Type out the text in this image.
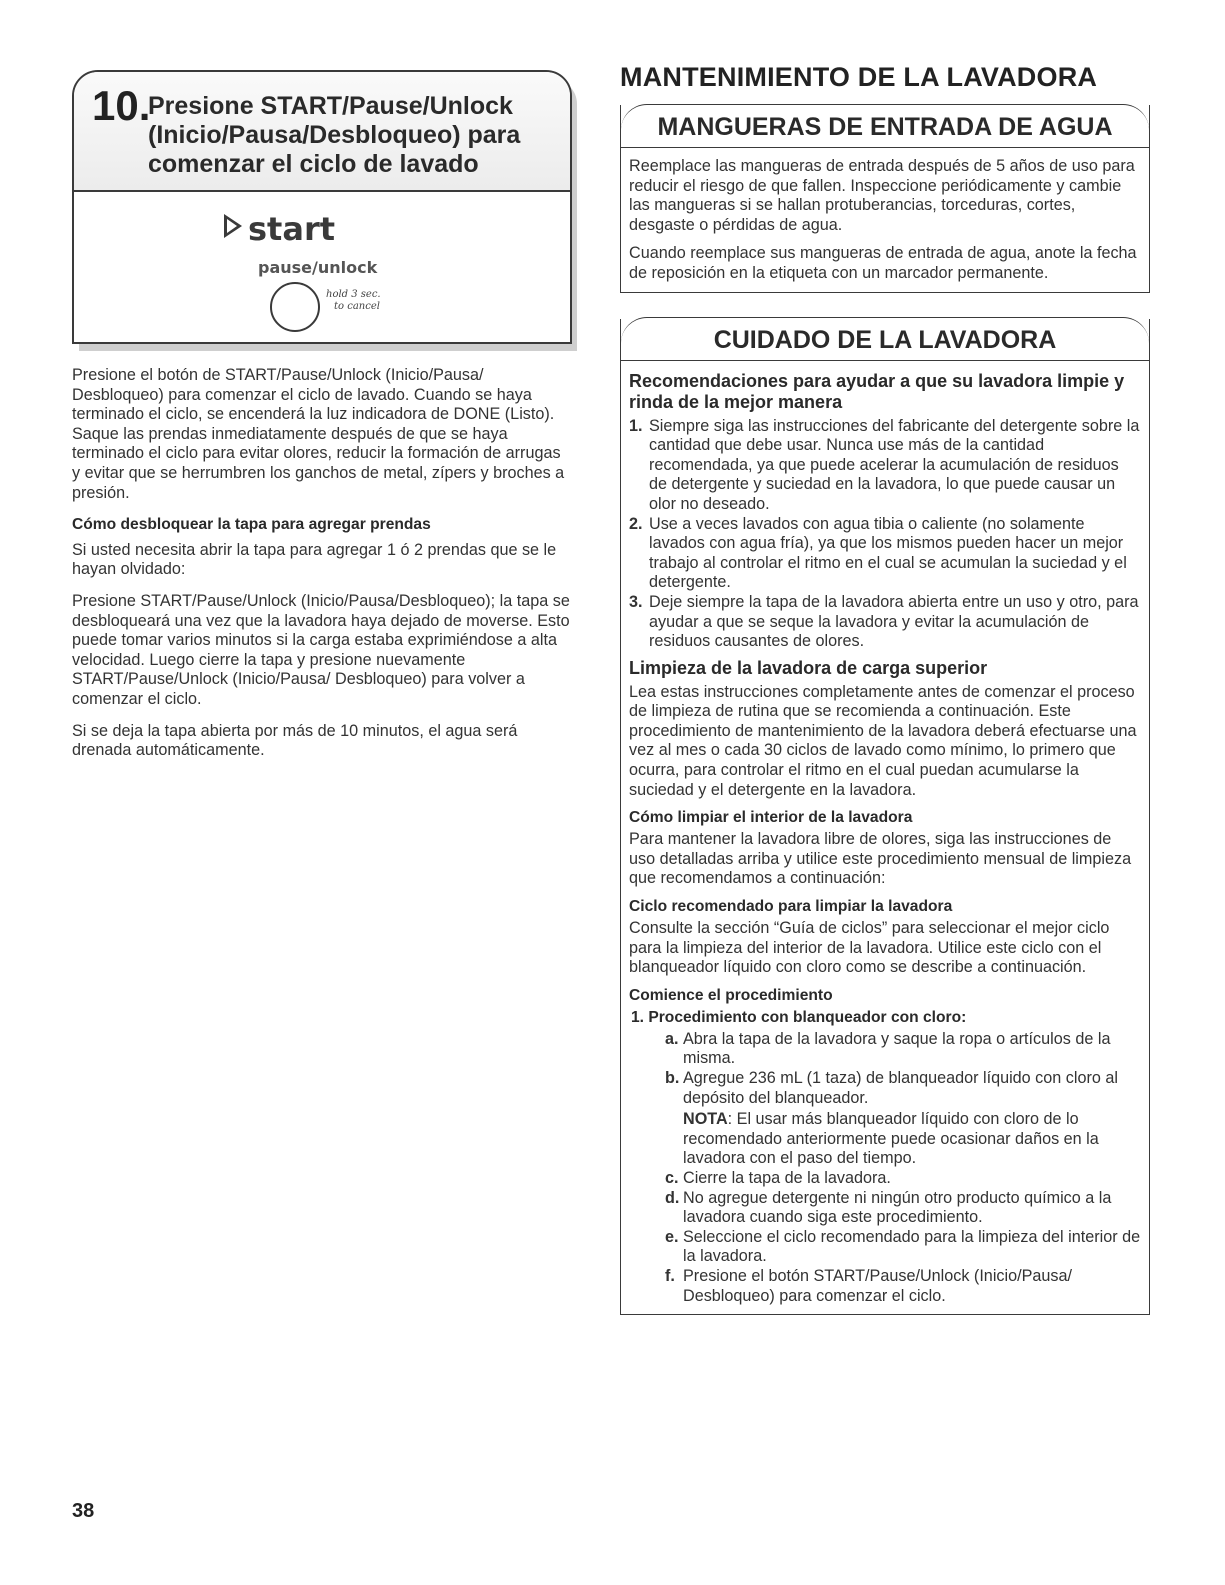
10.
Presione START/Pause/Unlock
(Inicio/Pausa/Desbloqueo) para
comenzar el ciclo de lavado
start
pause/unlock
hold 3 sec.
to cancel

Presione el botón de START/Pause/Unlock (Inicio/Pausa/ Desbloqueo) para comenzar el ciclo de lavado. Cuando se haya terminado el ciclo, se encenderá la luz indicadora de DONE (Listo). Saque las prendas inmediatamente después de que se haya terminado el ciclo para evitar olores, reducir la formación de arrugas y evitar que se herrumbren los ganchos de metal, zípers y broches a presión.

Cómo desbloquear la tapa para agregar prendas

Si usted necesita abrir la tapa para agregar 1 ó 2 prendas que se le hayan olvidado:

Presione START/Pause/Unlock (Inicio/Pausa/Desbloqueo); la tapa se desbloqueará una vez que la lavadora haya dejado de moverse. Esto puede tomar varios minutos si la carga estaba exprimiéndose a alta velocidad. Luego cierre la tapa y presione nuevamente START/Pause/Unlock (Inicio/Pausa/ Desbloqueo) para volver a comenzar el ciclo.

Si se deja la tapa abierta por más de 10 minutos, el agua será drenada automáticamente.

MANTENIMIENTO DE LA LAVADORA
MANGUERAS DE ENTRADA DE AGUA

Reemplace las mangueras de entrada después de 5 años de uso para reducir el riesgo de que fallen. Inspeccione periódicamente y cambie las mangueras si se hallan protuberancias, torceduras, cortes, desgaste o pérdidas de agua.

Cuando reemplace sus mangueras de entrada de agua, anote la fecha de reposición en la etiqueta con un marcador permanente.

CUIDADO DE LA LAVADORA
Recomendaciones para ayudar a que su lavadora limpie y rinda de la mejor manera
1. Siempre siga las instrucciones del fabricante del detergente sobre la cantidad que debe usar. Nunca use más de la cantidad recomendada, ya que puede acelerar la acumulación de residuos de detergente y suciedad en la lavadora, lo que puede causar un olor no deseado.
2. Use a veces lavados con agua tibia o caliente (no solamente lavados con agua fría), ya que los mismos pueden hacer un mejor trabajo al controlar el ritmo en el cual se acumulan la suciedad y el detergente.
3. Deje siempre la tapa de la lavadora abierta entre un uso y otro, para ayudar a que se seque la lavadora y evitar la acumulación de residuos causantes de olores.
Limpieza de la lavadora de carga superior

Lea estas instrucciones completamente antes de comenzar el proceso de limpieza de rutina que se recomienda a continuación. Este procedimiento de mantenimiento de la lavadora deberá efectuarse una vez al mes o cada 30 ciclos de lavado como mínimo, lo primero que ocurra, para controlar el ritmo en el cual puedan acumularse la suciedad y el detergente en la lavadora.

Cómo limpiar el interior de la lavadora

Para mantener la lavadora libre de olores, siga las instrucciones de uso detalladas arriba y utilice este procedimiento mensual de limpieza que recomendamos a continuación:

Ciclo recomendado para limpiar la lavadora

Consulte la sección “Guía de ciclos” para seleccionar el mejor ciclo para la limpieza del interior de la lavadora. Utilice este ciclo con el blanqueador líquido con cloro como se describe a continuación.

Comience el procedimiento
1. Procedimiento con blanqueador con cloro:
a. Abra la tapa de la lavadora y saque la ropa o artículos de la misma.
b. Agregue 236 mL (1 taza) de blanqueador líquido con cloro al depósito del blanqueador.
NOTA: El usar más blanqueador líquido con cloro de lo recomendado anteriormente puede ocasionar daños en la lavadora con el paso del tiempo.
c. Cierre la tapa de la lavadora.
d. No agregue detergente ni ningún otro producto químico a la lavadora cuando siga este procedimiento.
e. Seleccione el ciclo recomendado para la limpieza del interior de la lavadora.
f. Presione el botón START/Pause/Unlock (Inicio/Pausa/ Desbloqueo) para comenzar el ciclo.
38
